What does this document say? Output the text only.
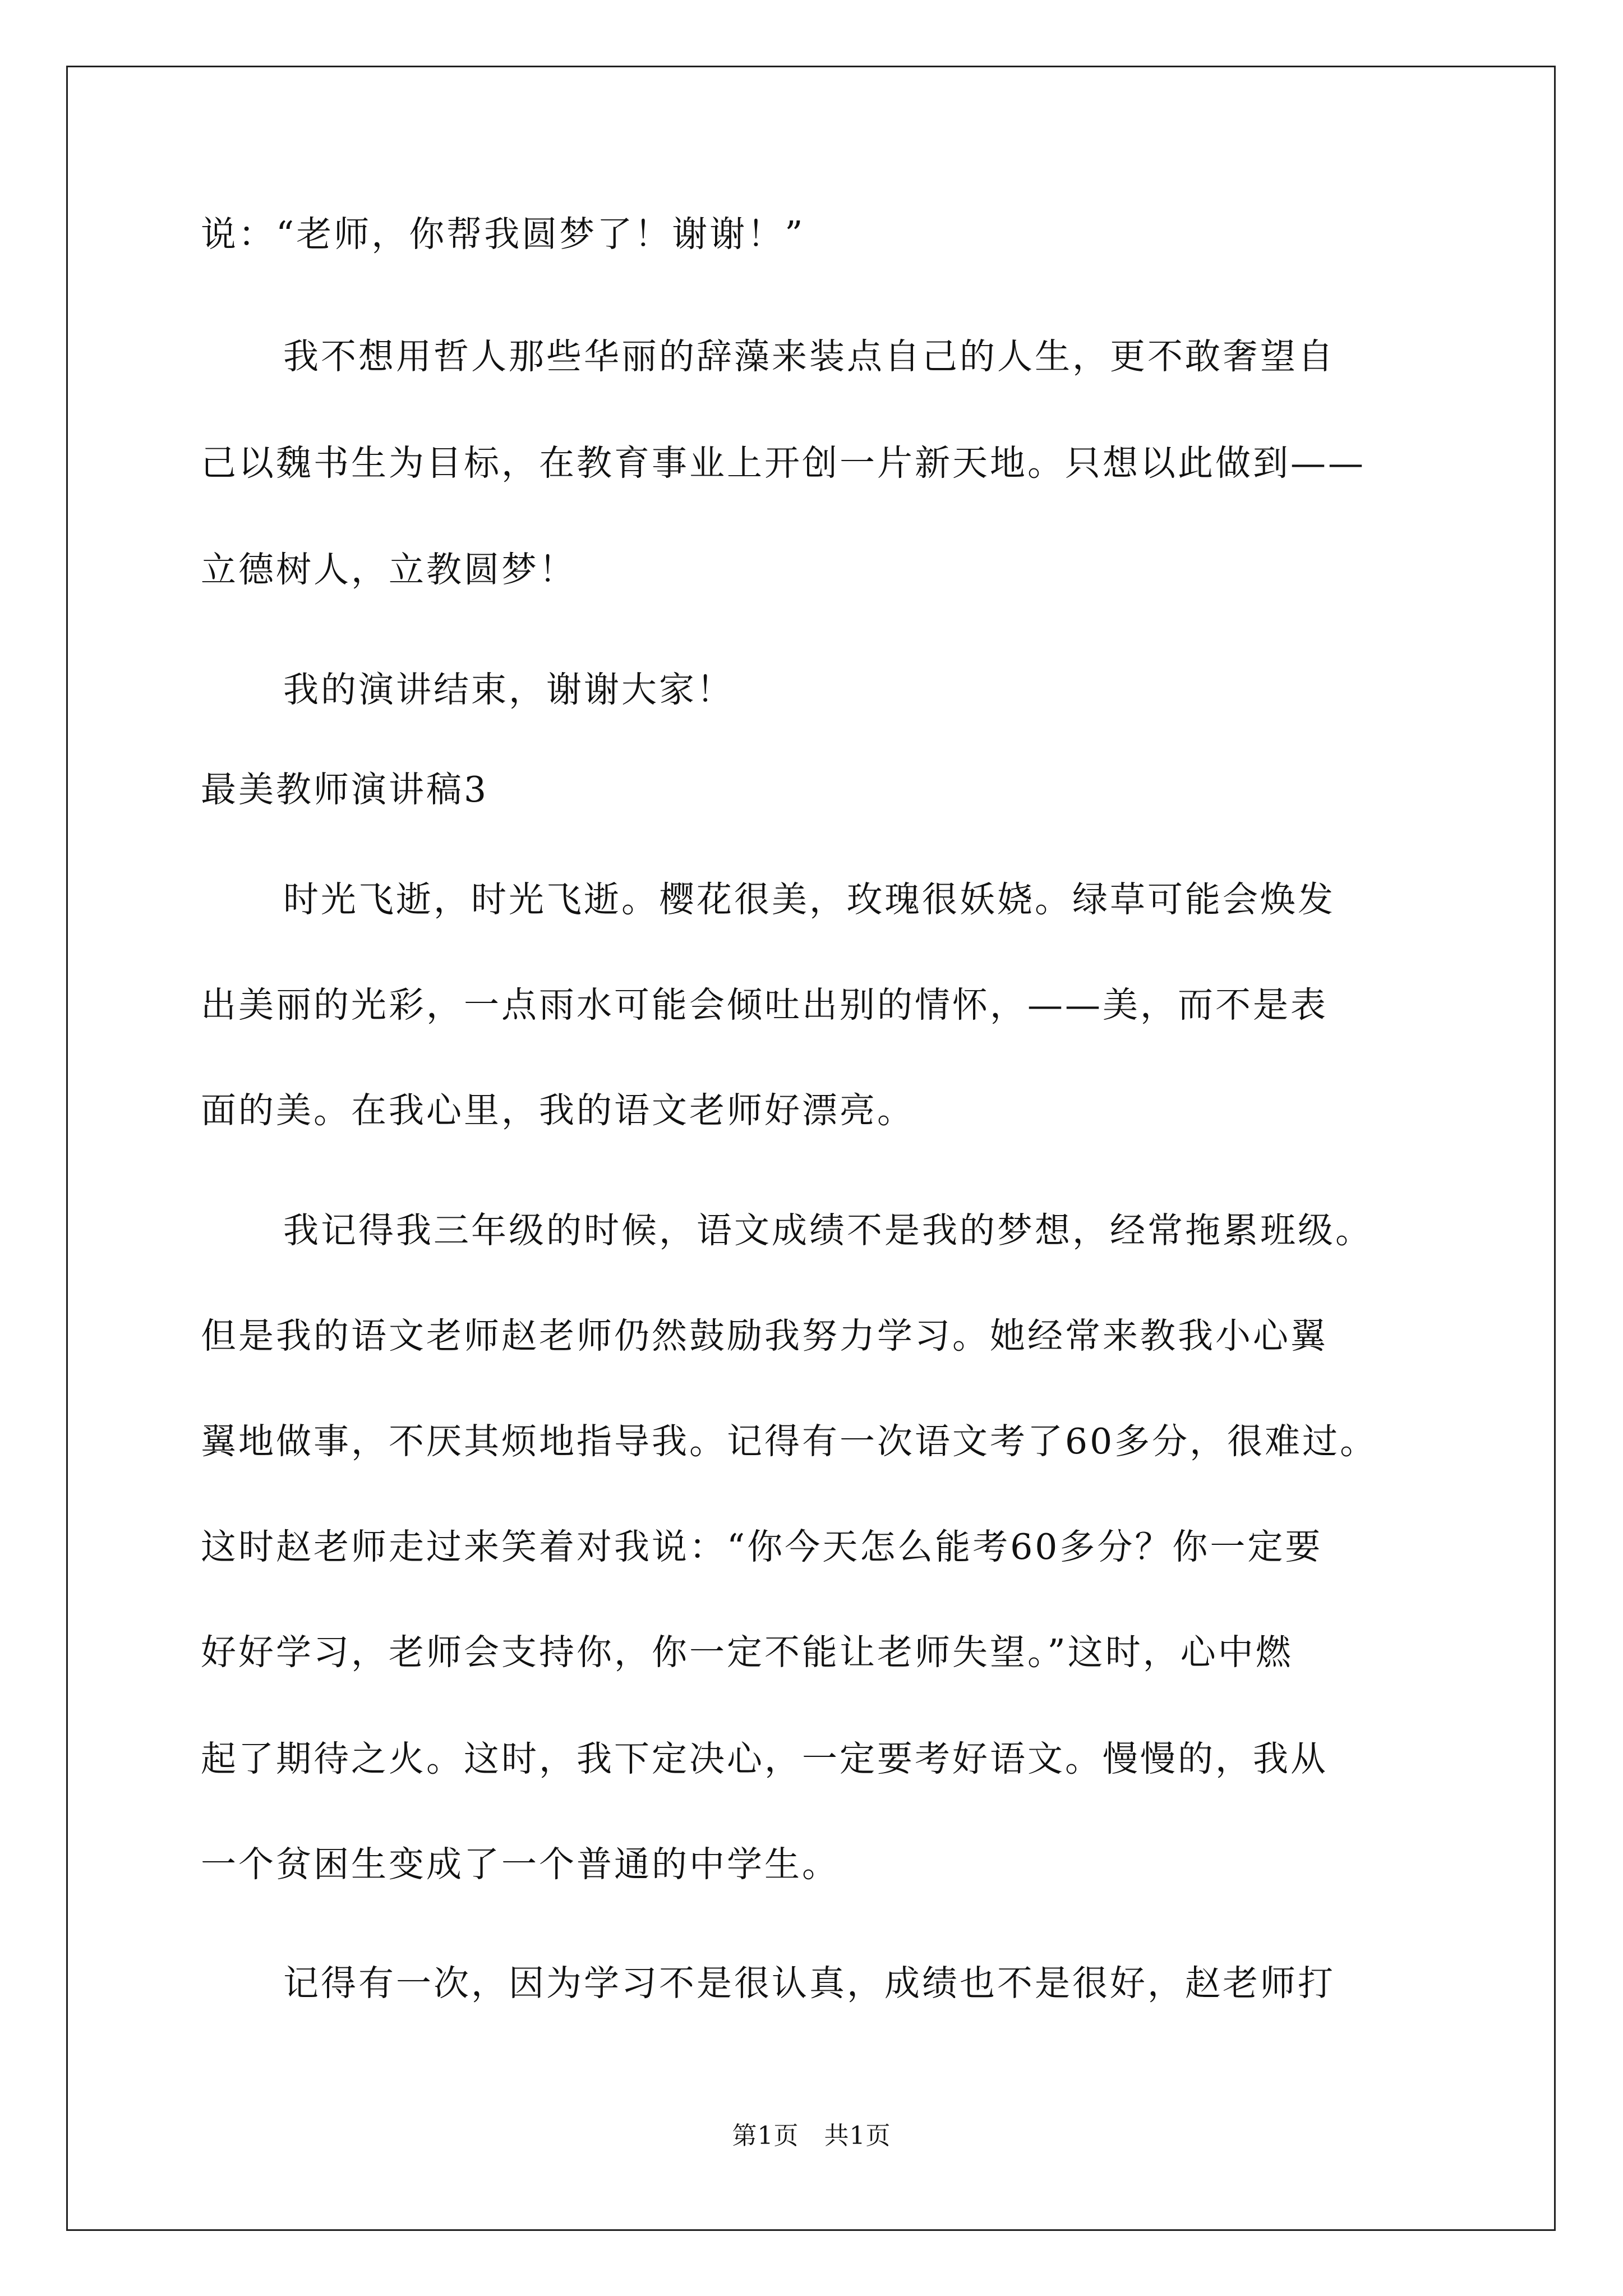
说：“老师，你帮我圆梦了！谢谢！”
我不想用哲人那些华丽的辞藻来装点自己的人生，更不敢奢望自
己以魏书生为目标，在教育事业上开创一片新天地。只想以此做到——
立德树人，立教圆梦！
我的演讲结束，谢谢大家！
最美教师演讲稿3
时光飞逝，时光飞逝。樱花很美，玫瑰很妖娆。绿草可能会焕发
出美丽的光彩，一点雨水可能会倾吐出别的情怀，——美，而不是表
面的美。在我心里，我的语文老师好漂亮。
我记得我三年级的时候，语文成绩不是我的梦想，经常拖累班级。
但是我的语文老师赵老师仍然鼓励我努力学习。她经常来教我小心翼
翼地做事，不厌其烦地指导我。记得有一次语文考了60多分，很难过。
这时赵老师走过来笑着对我说：“你今天怎么能考60多分？你一定要
好好学习，老师会支持你，你一定不能让老师失望。”这时，心中燃
起了期待之火。这时，我下定决心，一定要考好语文。慢慢的，我从
一个贫困生变成了一个普通的中学生。
记得有一次，因为学习不是很认真，成绩也不是很好，赵老师打
第1页　共1页
